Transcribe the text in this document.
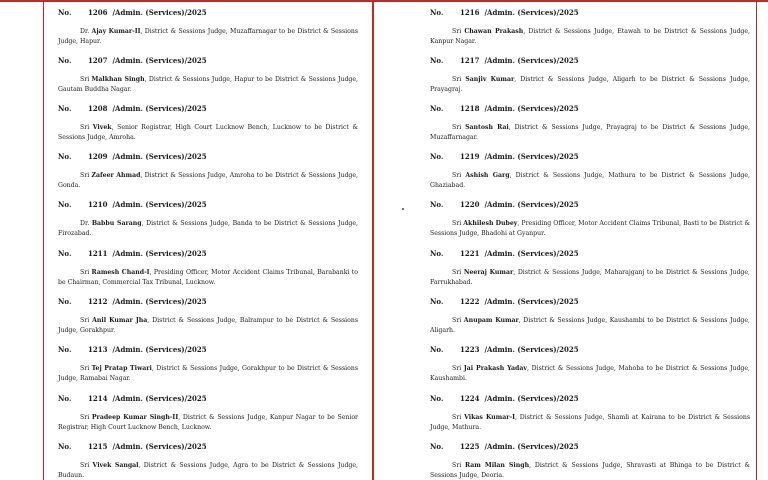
No. 1206 /Admin. (Services)/2025
Dr. Ajay Kumar-II, District & Sessions Judge, Muzaffarnagar to be District & Sessions Judge, Hapur.
No. 1207 /Admin. (Services)/2025
Sri Malkhan Singh, District & Sessions Judge, Hapur to be District & Sessions Judge, Gautam Buddha Nagar.
No. 1208 /Admin. (Services)/2025
Sri Vivek, Senior Registrar, High Court Lucknow Bench, Lucknow to be District & Sessions Judge, Amroha.
No. 1209 /Admin. (Services)/2025
Sri Zafeer Ahmad, District & Sessions Judge, Amroha to be District & Sessions Judge, Gonda.
No. 1210 /Admin. (Services)/2025
Dr. Babbu Sarang, District & Sessions Judge, Banda to be District & Sessions Judge, Firozabad.
No. 1211 /Admin. (Services)/2025
Sri Ramesh Chand-I, Presiding Officer, Motor Accident Claims Tribunal, Barabanki to be Chairman, Commercial Tax Tribunal, Lucknow.
No. 1212 /Admin. (Services)/2025
Sri Anil Kumar Jha, District & Sessions Judge, Balrampur to be District & Sessions Judge, Gorakhpur.
No. 1213 /Admin. (Services)/2025
Sri Tej Pratap Tiwari, District & Sessions Judge, Gorakhpur to be District & Sessions Judge, Ramabai Nagar.
No. 1214 /Admin. (Services)/2025
Sri Pradeep Kumar Singh-II, District & Sessions Judge, Kanpur Nagar to be Senior Registrar, High Court Lucknow Bench, Lucknow.
No. 1215 /Admin. (Services)/2025
Sri Vivek Sangal, District & Sessions Judge, Agra to be District & Sessions Judge, Budaun.
No. 1216 /Admin. (Services)/2025
Sri Chawan Prakash, District & Sessions Judge, Etawah to be District & Sessions Judge, Kanpur Nagar.
No. 1217 /Admin. (Services)/2025
Sri Sanjiv Kumar, District & Sessions Judge, Aligarh to be District & Sessions Judge, Prayagraj.
No. 1218 /Admin. (Services)/2025
Sri Santosh Rai, District & Sessions Judge, Prayagraj to be District & Sessions Judge, Muzaffarnagar.
No. 1219 /Admin. (Services)/2025
Sri Ashish Garg, District & Sessions Judge, Mathura to be District & Sessions Judge, Ghaziabad.
No. 1220 /Admin. (Services)/2025
Sri Akhilesh Dubey, Presiding Officer, Motor Accident Claims Tribunal, Basti to be District & Sessions Judge, Bhadohi at Gyanpur.
No. 1221 /Admin. (Services)/2025
Sri Neeraj Kumar, District & Sessions Judge, Maharajganj to be District & Sessions Judge, Farrukhabad.
No. 1222 /Admin. (Services)/2025
Sri Anupam Kumar, District & Sessions Judge, Kaushambi to be District & Sessions Judge, Aligarh.
No. 1223 /Admin. (Services)/2025
Sri Jai Prakash Yadav, District & Sessions Judge, Mahoba to be District & Sessions Judge, Kaushambi.
No. 1224 /Admin. (Services)/2025
Sri Vikas Kumar-I, District & Sessions Judge, Shamli at Kairana to be District & Sessions Judge, Mathura.
No. 1225 /Admin. (Services)/2025
Sri Ram Milan Singh, District & Sessions Judge, Shravasti at Bhinga to be District & Sessions Judge, Deoria.
